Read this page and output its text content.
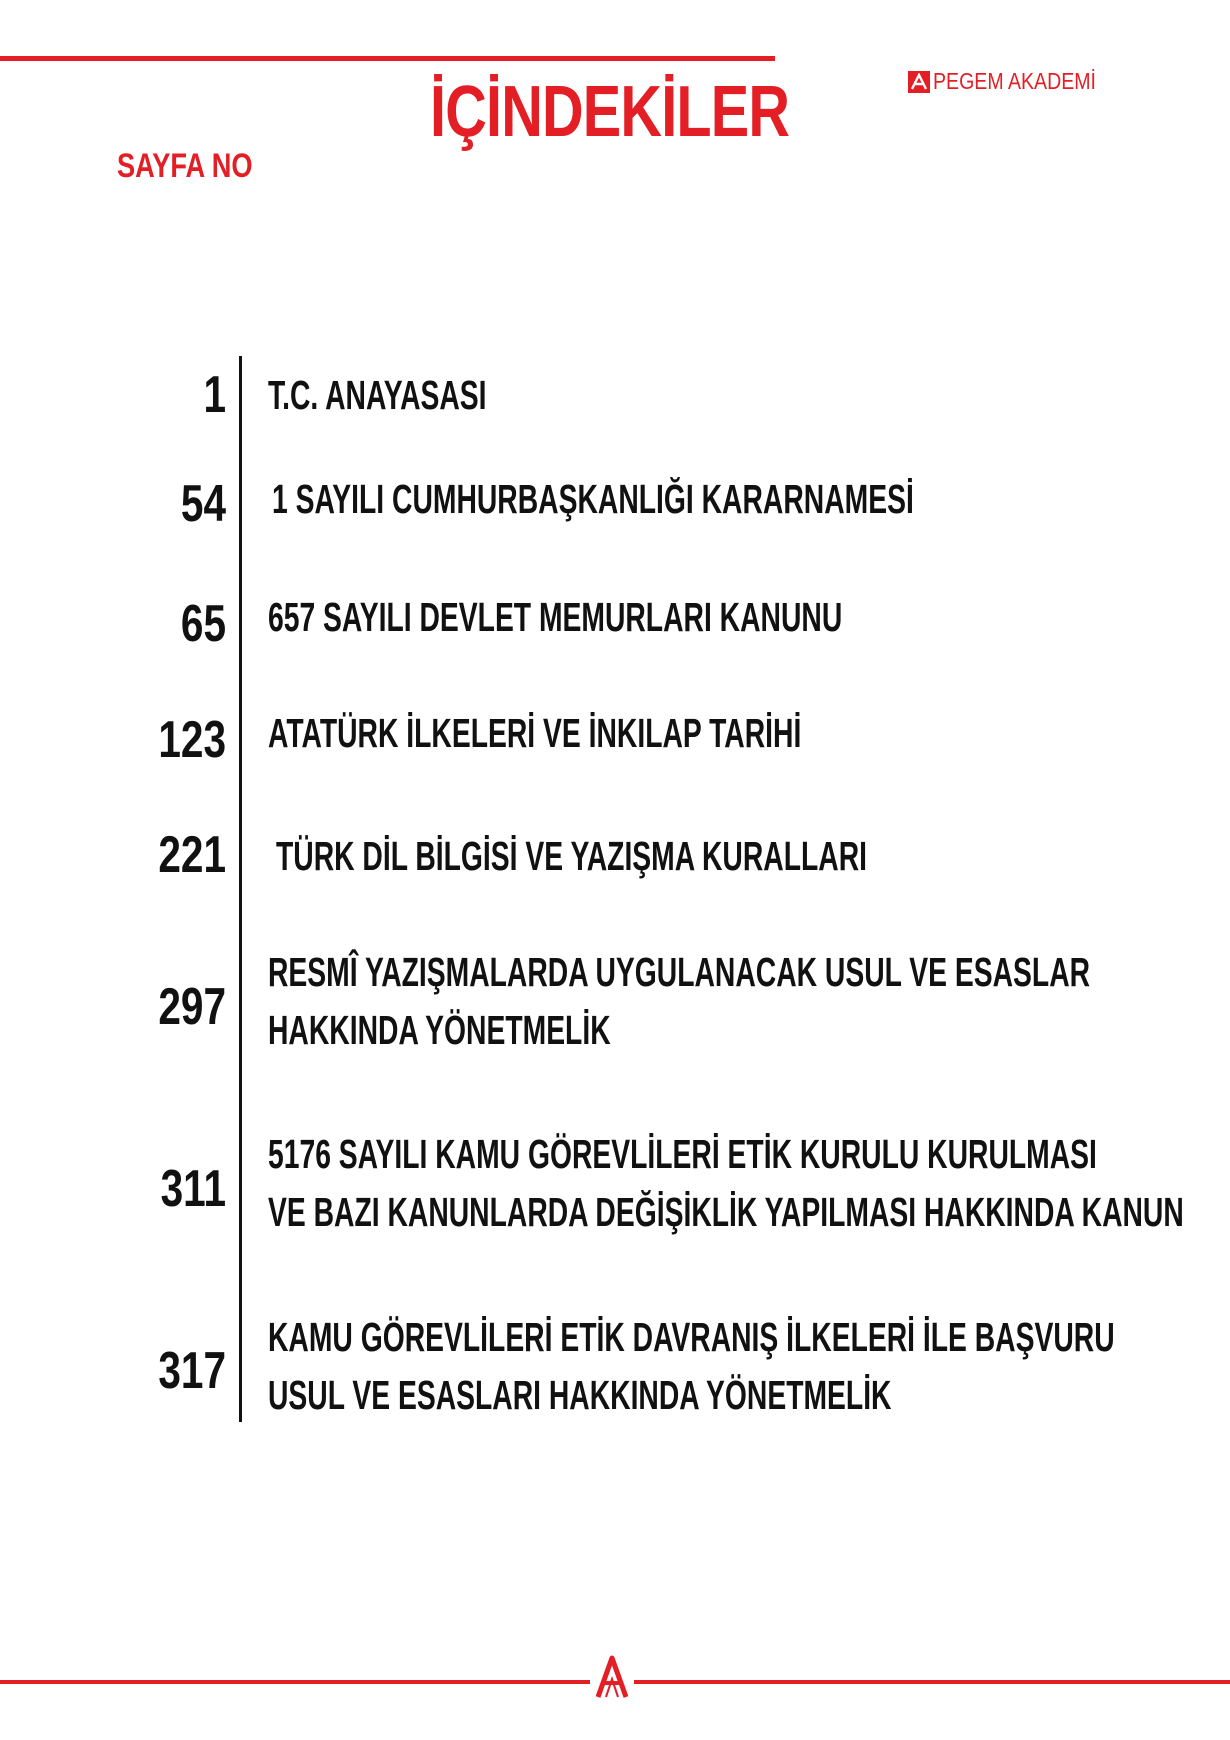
İÇİNDEKİLER
SAYFA NO
PEGEM AKADEMİ
1 T.C. ANAYASASI
54 1 SAYILI CUMHURBAŞKANLIĞI KARARNAMESİ
65 657 SAYILI DEVLET MEMURLARI KANUNU
123 ATATÜRK İLKELERİ VE İNKILAP TARİHİ
221 TÜRK DİL BİLGİSİ VE YAZIŞMA KURALLARI
297
RESMÎ YAZIŞMALARDA UYGULANACAK USUL VE ESASLAR
HAKKINDA YÖNETMELİK
311
5176 SAYILI KAMU GÖREVLİLERİ ETİK KURULU KURULMASI
VE BAZI KANUNLARDA DEĞİŞİKLİK YAPILMASI HAKKINDA KANUN
317
KAMU GÖREVLİLERİ ETİK DAVRANIŞ İLKELERİ İLE BAŞVURU
USUL VE ESASLARI HAKKINDA YÖNETMELİK
